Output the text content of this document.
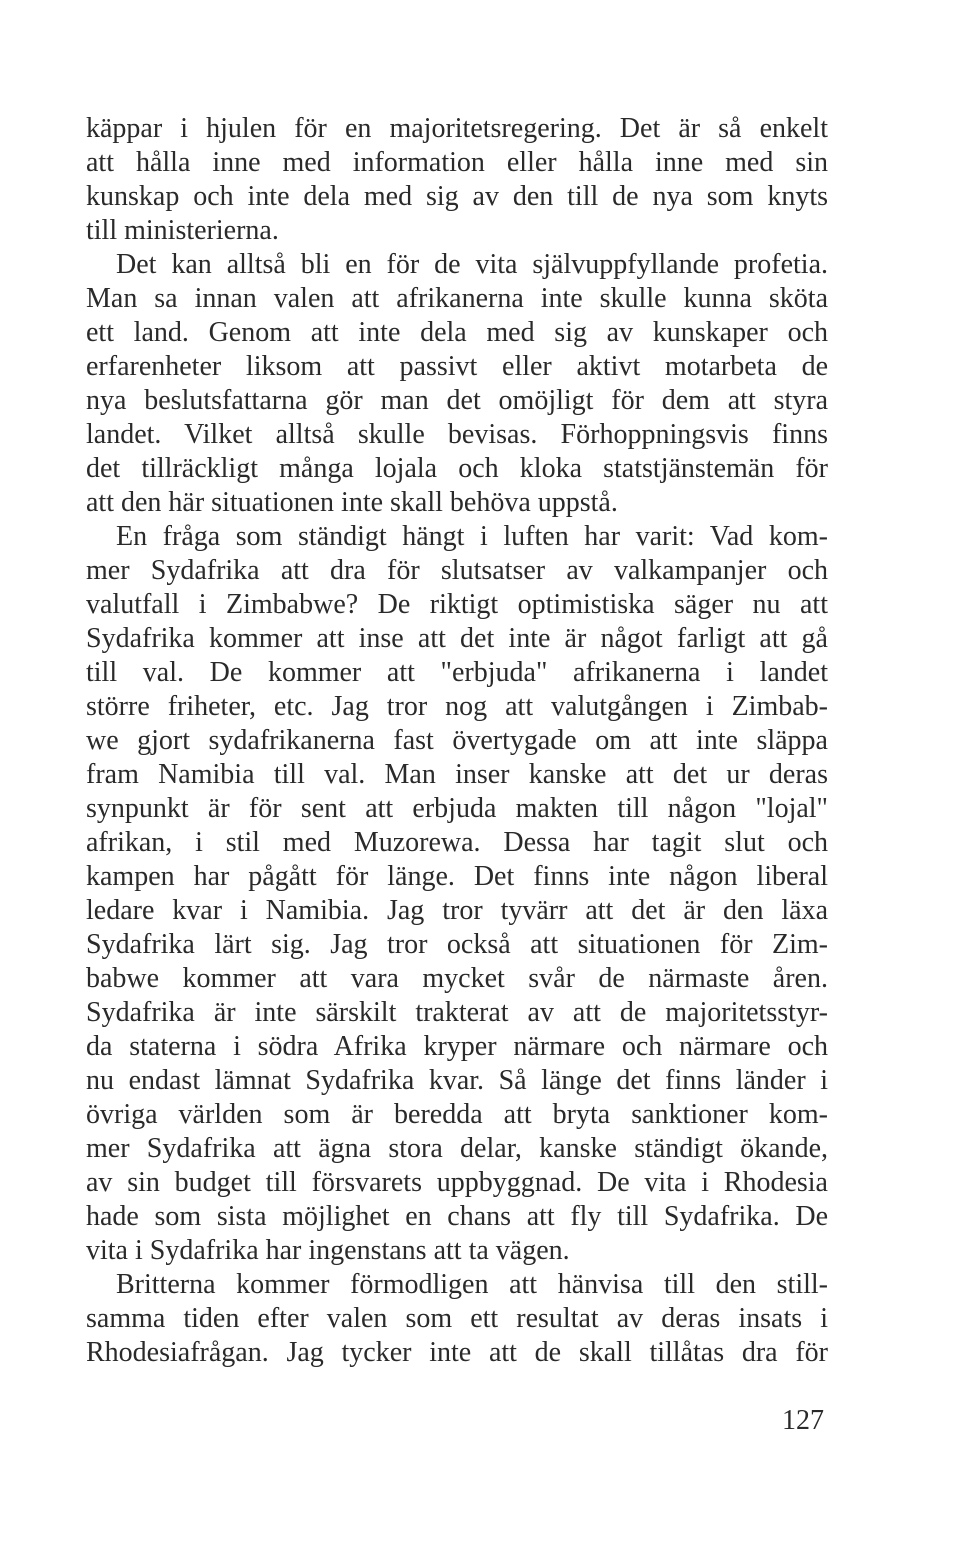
käppar i hjulen för en majoritetsregering. Det är så enkelt
att hålla inne med information eller hålla inne med sin
kunskap och inte dela med sig av den till de nya som knyts
till ministerierna.
Det kan alltså bli en för de vita självuppfyllande profetia.
Man sa innan valen att afrikanerna inte skulle kunna sköta
ett land. Genom att inte dela med sig av kunskaper och
erfarenheter liksom att passivt eller aktivt motarbeta de
nya beslutsfattarna gör man det omöjligt för dem att styra
landet. Vilket alltså skulle bevisas. Förhoppningsvis finns
det tillräckligt många lojala och kloka statstjänstemän för
att den här situationen inte skall behöva uppstå.
En fråga som ständigt hängt i luften har varit: Vad kom-
mer Sydafrika att dra för slutsatser av valkampanjer och
valutfall i Zimbabwe? De riktigt optimistiska säger nu att
Sydafrika kommer att inse att det inte är något farligt att gå
till val. De kommer att "erbjuda" afrikanerna i landet
större friheter, etc. Jag tror nog att valutgången i Zimbab-
we gjort sydafrikanerna fast övertygade om att inte släppa
fram Namibia till val. Man inser kanske att det ur deras
synpunkt är för sent att erbjuda makten till någon "lojal"
afrikan, i stil med Muzorewa. Dessa har tagit slut och
kampen har pågått för länge. Det finns inte någon liberal
ledare kvar i Namibia. Jag tror tyvärr att det är den läxa
Sydafrika lärt sig. Jag tror också att situationen för Zim-
babwe kommer att vara mycket svår de närmaste åren.
Sydafrika är inte särskilt trakterat av att de majoritetsstyr-
da staterna i södra Afrika kryper närmare och närmare och
nu endast lämnat Sydafrika kvar. Så länge det finns länder i
övriga världen som är beredda att bryta sanktioner kom-
mer Sydafrika att ägna stora delar, kanske ständigt ökande,
av sin budget till försvarets uppbyggnad. De vita i Rhodesia
hade som sista möjlighet en chans att fly till Sydafrika. De
vita i Sydafrika har ingenstans att ta vägen.
Britterna kommer förmodligen att hänvisa till den still-
samma tiden efter valen som ett resultat av deras insats i
Rhodesiafrågan. Jag tycker inte att de skall tillåtas dra för
127
